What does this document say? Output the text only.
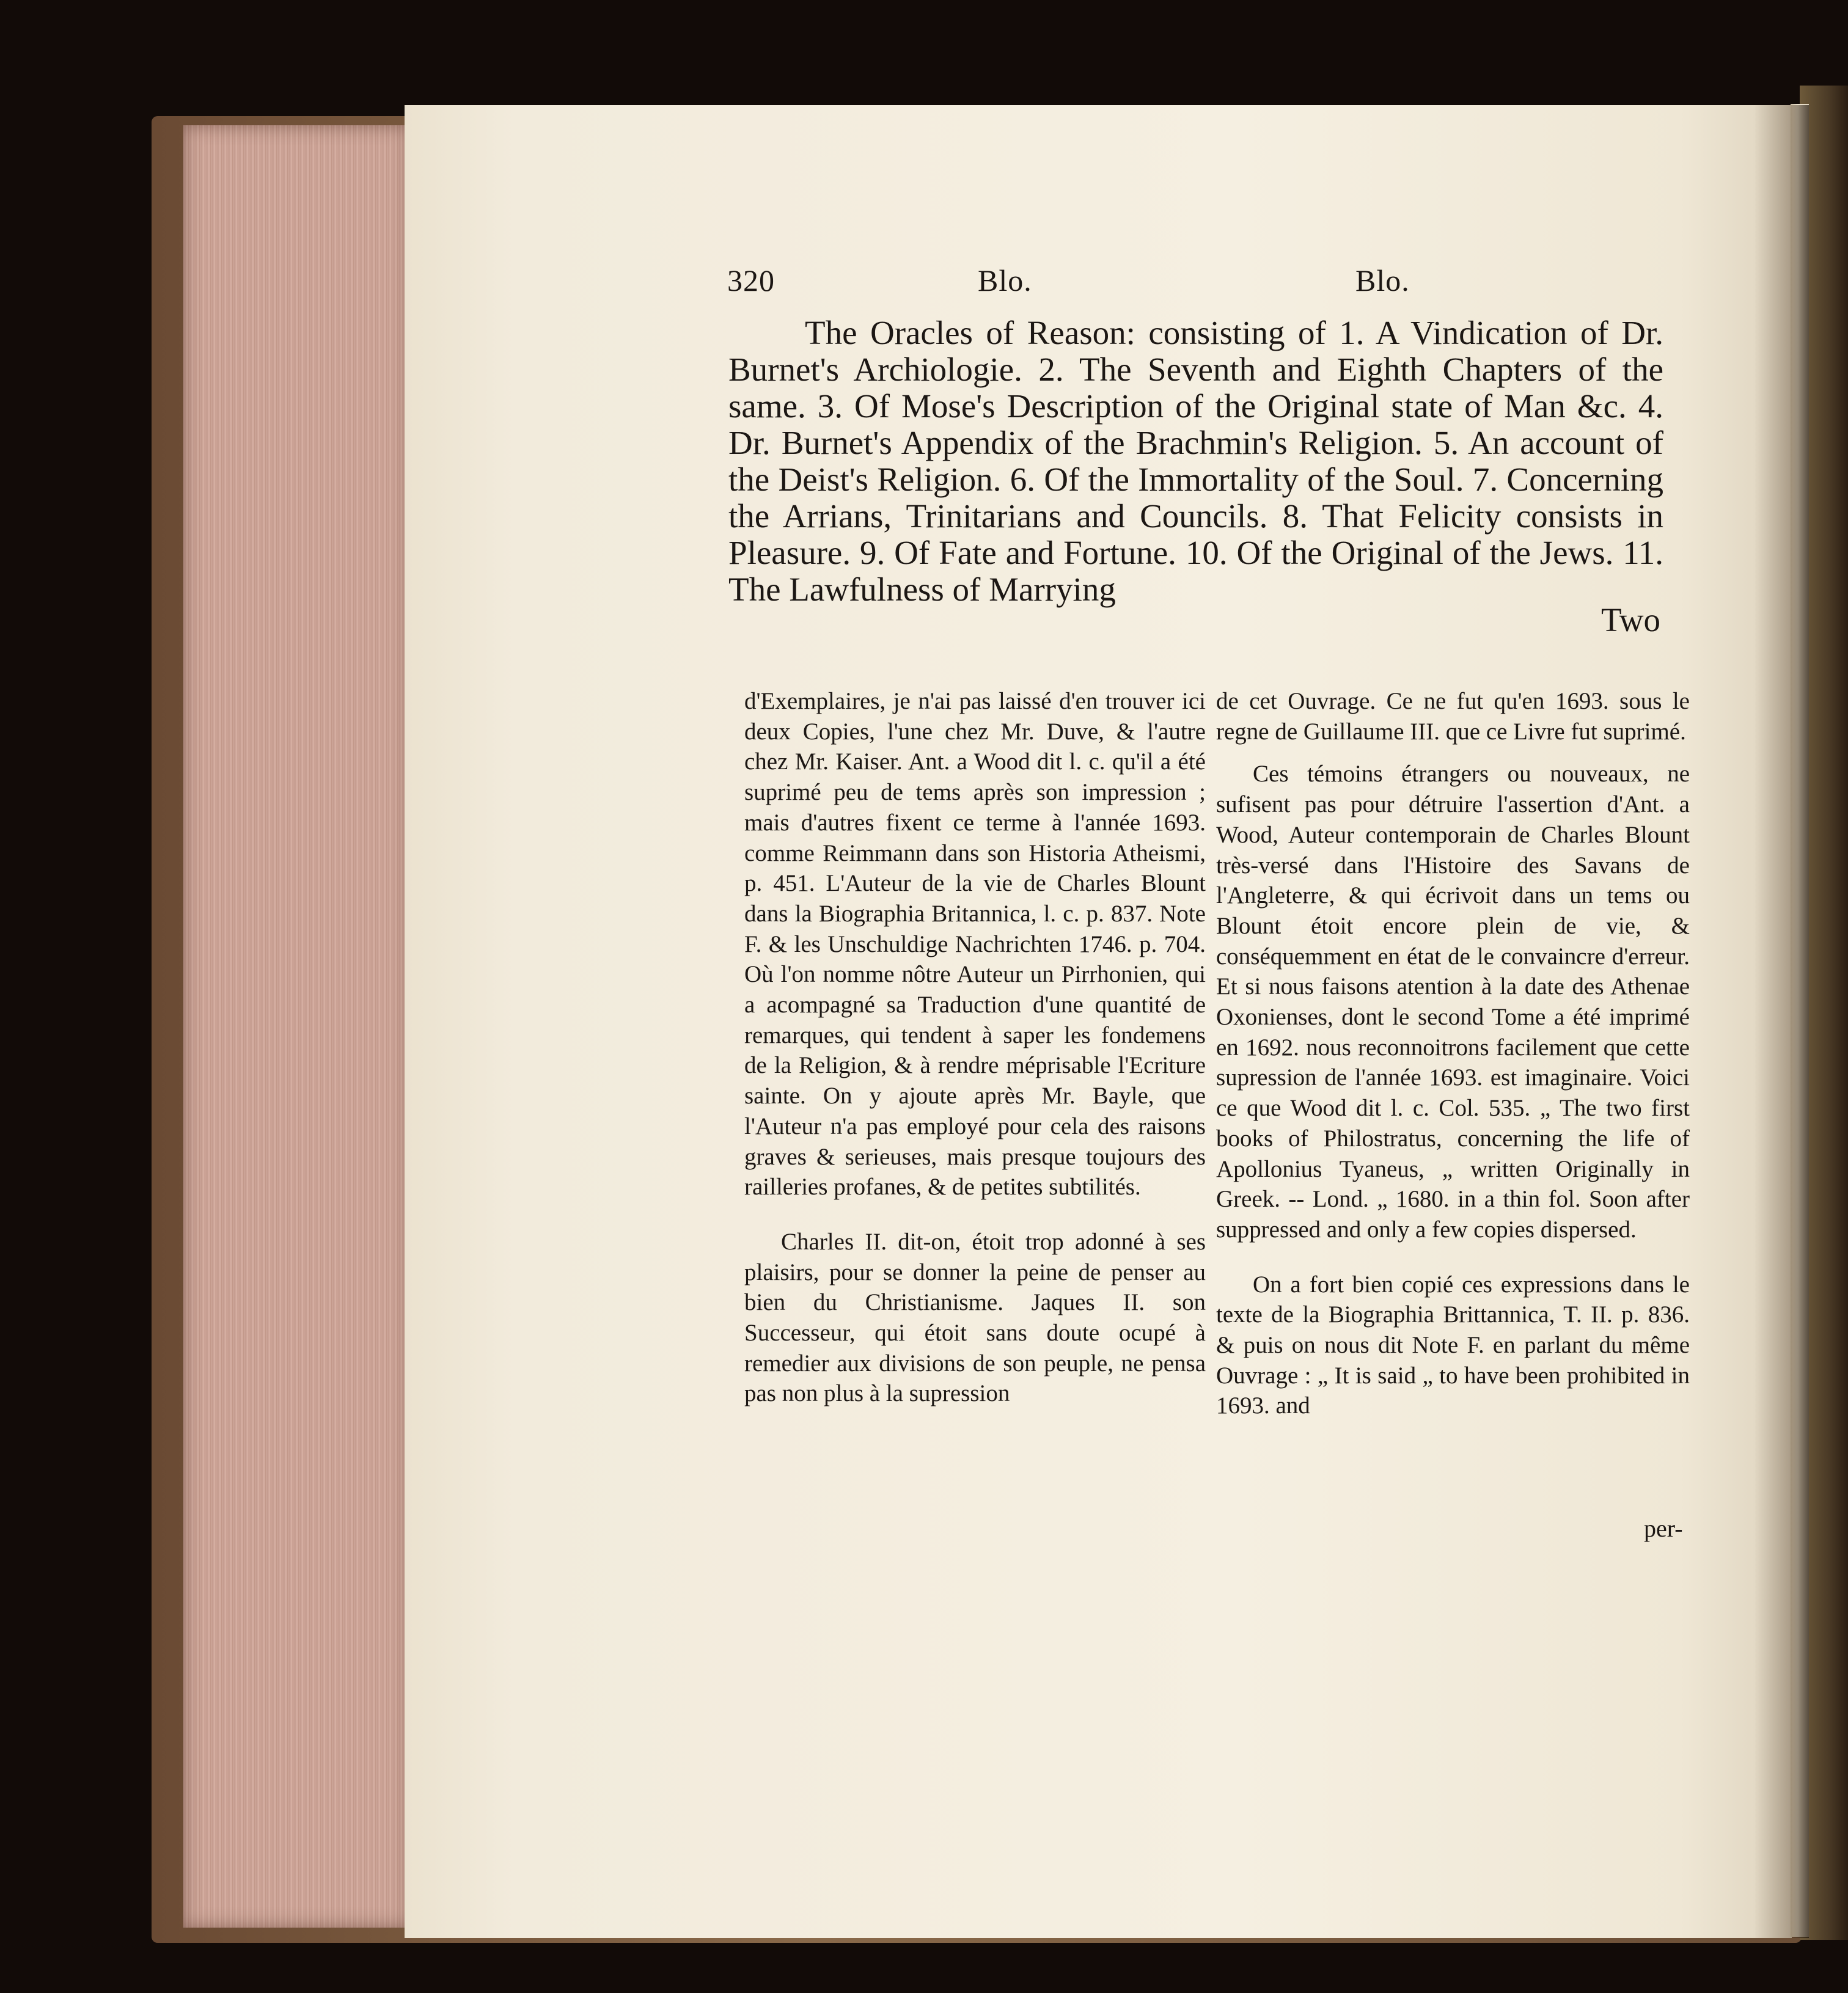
320	Blo.	Blo.

The Oracles of Reason: consisting of 1. A Vindication of Dr. Burnet's Archiologie. 2. The Seventh and Eighth Chapters of the same. 3. Of Mose's Description of the Original state of Man &c. 4. Dr. Burnet's Appendix of the Brachmin's Religion. 5. An account of the Deist's Religion. 6. Of the Immortality of the Soul. 7. Concerning the Arrians, Trinitarians and Councils. 8. That Felicity consists in Pleasure. 9. Of Fate and Fortune. 10. Of the Original of the Jews. 11. The Lawfulness of Marrying

Two

d'Exemplaires, je n'ai pas laissé d'en trouver ici deux Copies, l'une chez Mr. Duve, & l'autre chez Mr. Kaiser. Ant. a Wood dit l. c. qu'il a été suprimé peu de tems après son impression ; mais d'autres fixent ce terme à l'année 1693. comme Reimmann dans son Historia Atheismi, p. 451. L'Auteur de la vie de Charles Blount dans la Biographia Britannica, l. c. p. 837. Note F. & les Unschuldige Nachrichten 1746. p. 704. Où l'on nomme nôtre Auteur un Pirrhonien, qui a acompagné sa Traduction d'une quantité de remarques, qui tendent à saper les fondemens de la Religion, & à rendre méprisable l'Ecriture sainte. On y ajoute après Mr. Bayle, que l'Auteur n'a pas employé pour cela des raisons graves & serieuses, mais presque toujours des railleries profanes, & de petites subtilités.

Charles II. dit-on, étoit trop adonné à ses plaisirs, pour se donner la peine de penser au bien du Christianisme. Jaques II. son Successeur, qui étoit sans doute ocupé à remedier aux divisions de son peuple, ne pensa pas non plus à la supression

de cet Ouvrage. Ce ne fut qu'en 1693. sous le regne de Guillaume III. que ce Livre fut suprimé.

Ces témoins étrangers ou nouveaux, ne sufisent pas pour détruire l'assertion d'Ant. a Wood, Auteur contemporain de Charles Blount très-versé dans l'Histoire des Savans de l'Angleterre, & qui écrivoit dans un tems ou Blount étoit encore plein de vie, & conséquemment en état de le convaincre d'erreur. Et si nous faisons atention à la date des Athenae Oxonienses, dont le second Tome a été imprimé en 1692. nous reconnoitrons facilement que cette supression de l'année 1693. est imaginaire. Voici ce que Wood dit l. c. Col. 535. „ The two first books of Philostratus, concerning the life of Apollonius Tyaneus, „ written Originally in Greek. -- Lond. „ 1680. in a thin fol. Soon after suppressed and only a few copies dispersed.

On a fort bien copié ces expressions dans le texte de la Biographia Brittannica, T. II. p. 836. & puis on nous dit Note F. en parlant du même Ouvrage : „ It is said „ to have been prohibited in 1693. and

per-
